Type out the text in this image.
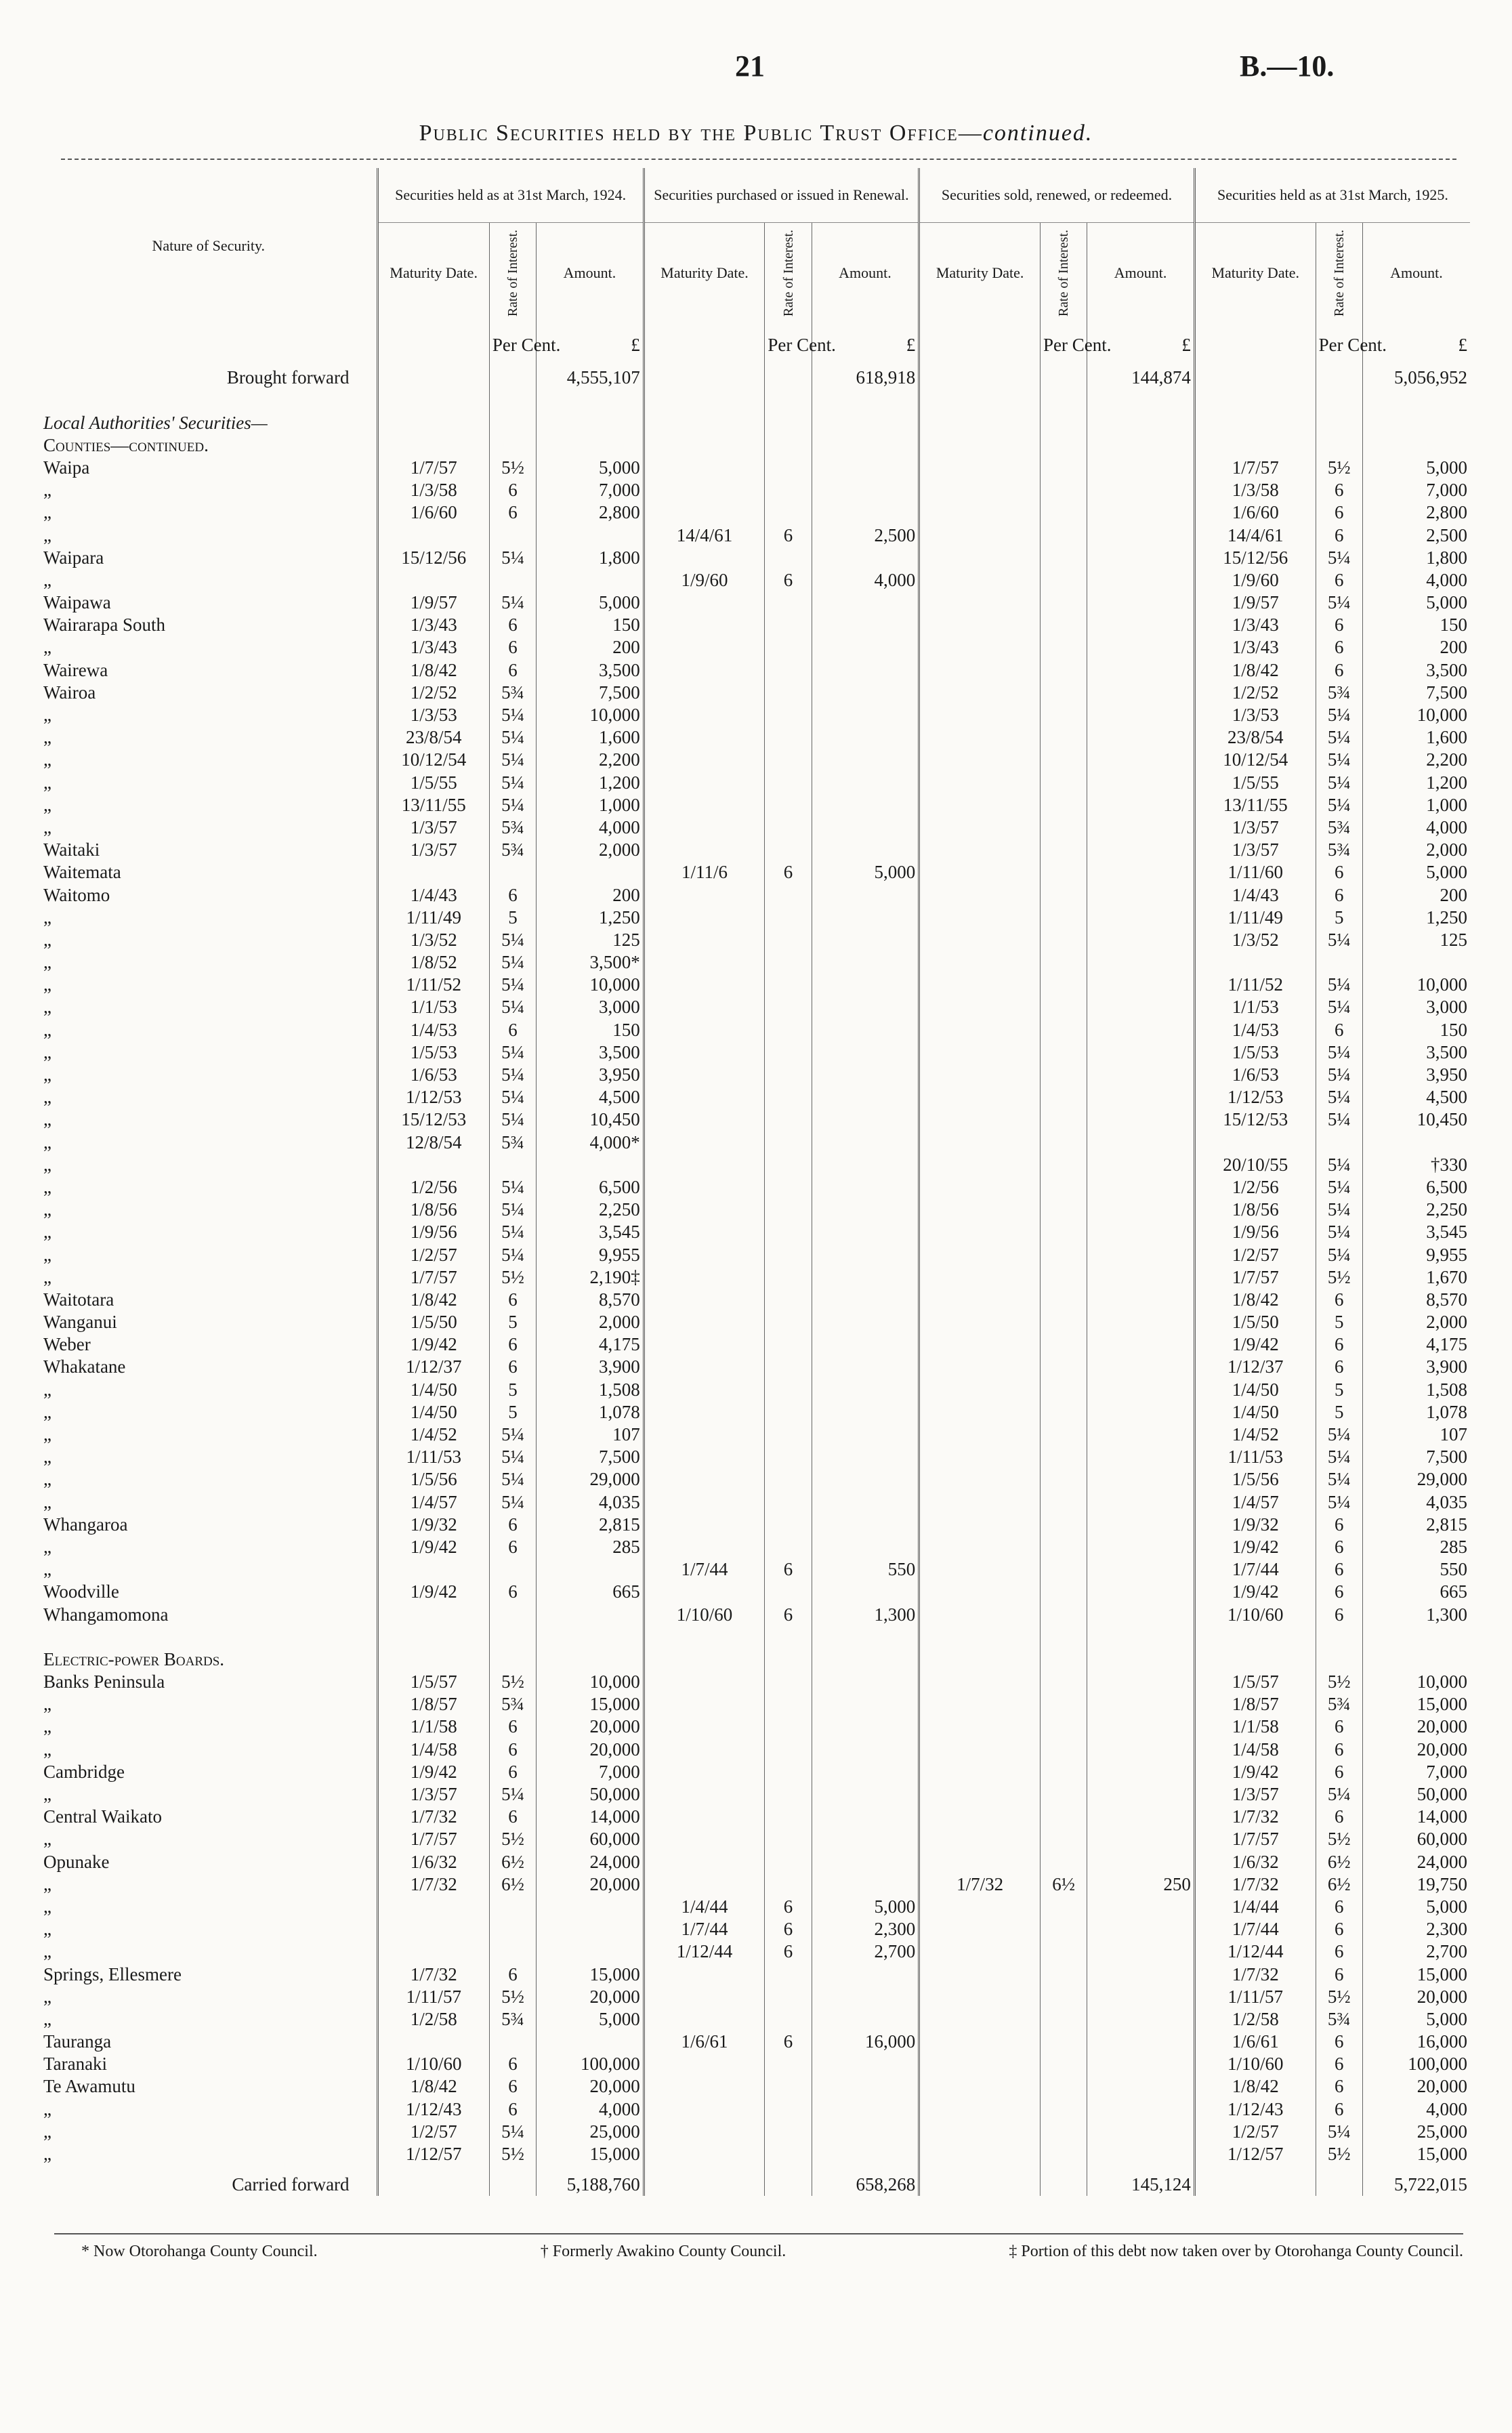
21	B.—10.
Public Securities held by the Public Trust Office—continued.
Nature of Security.	Securities held as at 31st March, 1924.			Securities purchased or issued in Renewal.			Securities sold, renewed, or redeemed.			Securities held as at 31st March, 1925.		
	Maturity Date.	Rate of Interest.	Amount.	Maturity Date.	Rate of Interest.	Amount.	Maturity Date.	Rate of Interest.	Amount.	Maturity Date.	Rate of Interest.	Amount.
		Per Cent.	£		Per Cent.	£		Per Cent.	£		Per Cent.	£
Brought forward			4,555,107			618,918			144,874			5,056,952

Local Authorities' Securities—												
Counties—continued.												
Waipa	1/7/57	5½	5,000							1/7/57	5½	5,000
„	1/3/58	6	7,000							1/3/58	6	7,000
„	1/6/60	6	2,800							1/6/60	6	2,800
„				14/4/61	6	2,500				14/4/61	6	2,500
Waipara	15/12/56	5¼	1,800							15/12/56	5¼	1,800
„				1/9/60	6	4,000				1/9/60	6	4,000
Waipawa	1/9/57	5¼	5,000							1/9/57	5¼	5,000
Wairarapa South	1/3/43	6	150							1/3/43	6	150
„	1/3/43	6	200							1/3/43	6	200
Wairewa	1/8/42	6	3,500							1/8/42	6	3,500
Wairoa	1/2/52	5¾	7,500							1/2/52	5¾	7,500
„	1/3/53	5¼	10,000							1/3/53	5¼	10,000
„	23/8/54	5¼	1,600							23/8/54	5¼	1,600
„	10/12/54	5¼	2,200							10/12/54	5¼	2,200
„	1/5/55	5¼	1,200							1/5/55	5¼	1,200
„	13/11/55	5¼	1,000							13/11/55	5¼	1,000
„	1/3/57	5¾	4,000							1/3/57	5¾	4,000
Waitaki	1/3/57	5¾	2,000							1/3/57	5¾	2,000
Waitemata				1/11/6	6	5,000				1/11/60	6	5,000
Waitomo	1/4/43	6	200							1/4/43	6	200
„	1/11/49	5	1,250							1/11/49	5	1,250
„	1/3/52	5¼	125							1/3/52	5¼	125
„	1/8/52	5¼	3,500*									
„	1/11/52	5¼	10,000							1/11/52	5¼	10,000
„	1/1/53	5¼	3,000							1/1/53	5¼	3,000
„	1/4/53	6	150							1/4/53	6	150
„	1/5/53	5¼	3,500							1/5/53	5¼	3,500
„	1/6/53	5¼	3,950							1/6/53	5¼	3,950
„	1/12/53	5¼	4,500							1/12/53	5¼	4,500
„	15/12/53	5¼	10,450							15/12/53	5¼	10,450
„	12/8/54	5¾	4,000*									
„										20/10/55	5¼	†330
„	1/2/56	5¼	6,500							1/2/56	5¼	6,500
„	1/8/56	5¼	2,250							1/8/56	5¼	2,250
„	1/9/56	5¼	3,545							1/9/56	5¼	3,545
„	1/2/57	5¼	9,955							1/2/57	5¼	9,955
„	1/7/57	5½	2,190‡							1/7/57	5½	1,670
Waitotara	1/8/42	6	8,570							1/8/42	6	8,570
Wanganui	1/5/50	5	2,000							1/5/50	5	2,000
Weber	1/9/42	6	4,175							1/9/42	6	4,175
Whakatane	1/12/37	6	3,900							1/12/37	6	3,900
„	1/4/50	5	1,508							1/4/50	5	1,508
„	1/4/50	5	1,078							1/4/50	5	1,078
„	1/4/52	5¼	107							1/4/52	5¼	107
„	1/11/53	5¼	7,500							1/11/53	5¼	7,500
„	1/5/56	5¼	29,000							1/5/56	5¼	29,000
„	1/4/57	5¼	4,035							1/4/57	5¼	4,035
Whangaroa	1/9/32	6	2,815							1/9/32	6	2,815
„	1/9/42	6	285							1/9/42	6	285
„				1/7/44	6	550				1/7/44	6	550
Woodville	1/9/42	6	665							1/9/42	6	665
Whangamomona				1/10/60	6	1,300				1/10/60	6	1,300

Electric-power Boards.												
Banks Peninsula	1/5/57	5½	10,000							1/5/57	5½	10,000
„	1/8/57	5¾	15,000							1/8/57	5¾	15,000
„	1/1/58	6	20,000							1/1/58	6	20,000
„	1/4/58	6	20,000							1/4/58	6	20,000
Cambridge	1/9/42	6	7,000							1/9/42	6	7,000
„	1/3/57	5¼	50,000							1/3/57	5¼	50,000
Central Waikato	1/7/32	6	14,000							1/7/32	6	14,000
„	1/7/57	5½	60,000							1/7/57	5½	60,000
Opunake	1/6/32	6½	24,000							1/6/32	6½	24,000
„	1/7/32	6½	20,000				1/7/32	6½	250	1/7/32	6½	19,750
„				1/4/44	6	5,000				1/4/44	6	5,000
„				1/7/44	6	2,300				1/7/44	6	2,300
„				1/12/44	6	2,700				1/12/44	6	2,700
Springs, Ellesmere	1/7/32	6	15,000							1/7/32	6	15,000
„	1/11/57	5½	20,000							1/11/57	5½	20,000
„	1/2/58	5¾	5,000							1/2/58	5¾	5,000
Tauranga				1/6/61	6	16,000				1/6/61	6	16,000
Taranaki	1/10/60	6	100,000							1/10/60	6	100,000
Te Awamutu	1/8/42	6	20,000							1/8/42	6	20,000
„	1/12/43	6	4,000							1/12/43	6	4,000
„	1/2/57	5¼	25,000							1/2/57	5¼	25,000
„	1/12/57	5½	15,000							1/12/57	5½	15,000
Carried forward			5,188,760			658,268			145,124			5,722,015
* Now Otorohanga County Council.	† Formerly Awakino County Council.	‡ Portion of this debt now taken over by Otorohanga County Council.
